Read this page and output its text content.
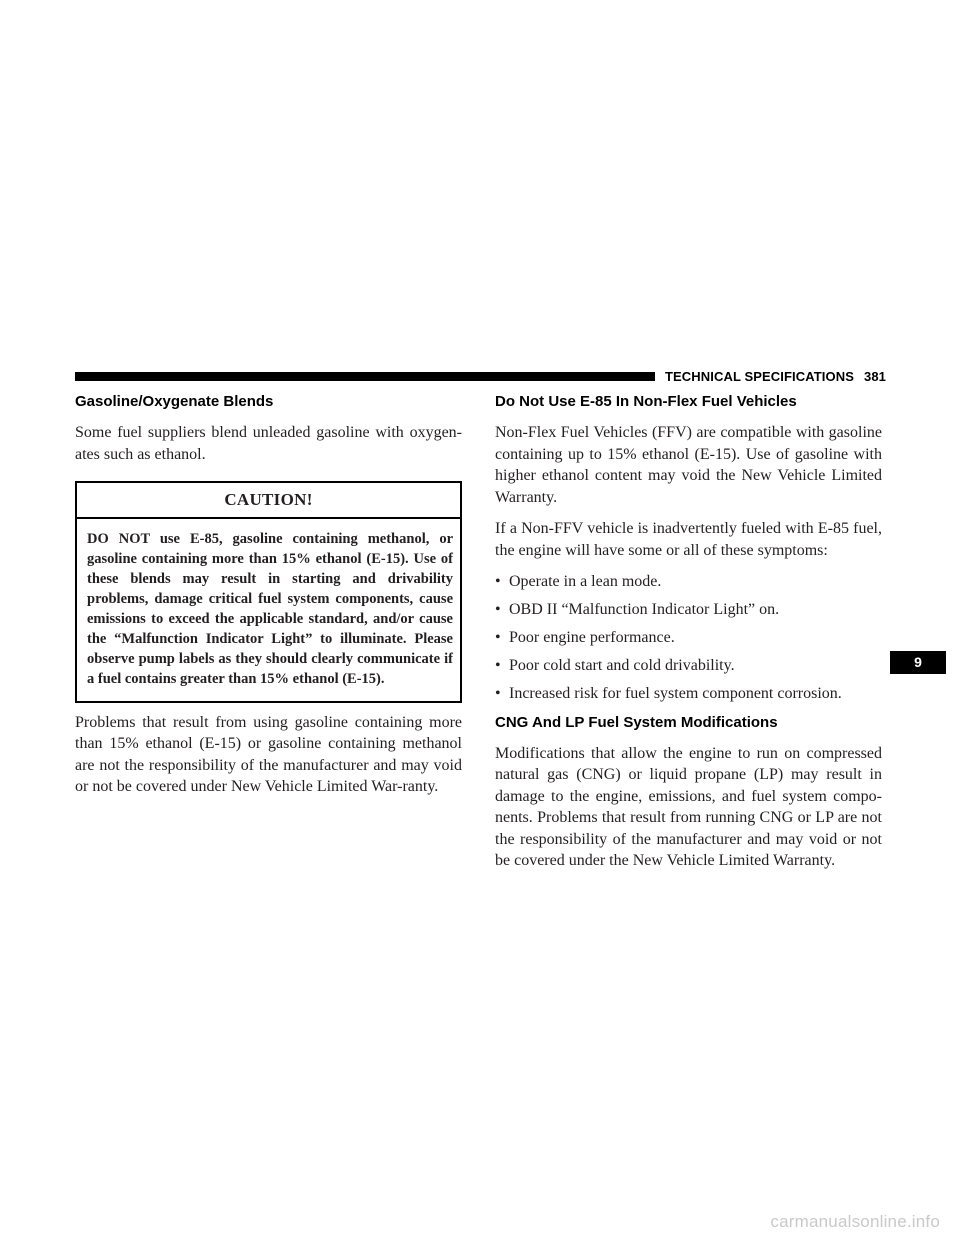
TECHNICAL SPECIFICATIONS 381
Gasoline/Oxygenate Blends

Some fuel suppliers blend unleaded gasoline with oxygen-ates such as ethanol.

CAUTION!
DO NOT use E-85, gasoline containing methanol, or gasoline containing more than 15% ethanol (E-15). Use of these blends may result in starting and drivability problems, damage critical fuel system components, cause emissions to exceed the applicable standard, and/or cause the “Malfunction Indicator Light” to illuminate. Please observe pump labels as they should clearly communicate if a fuel contains greater than 15% ethanol (E-15).

Problems that result from using gasoline containing more than 15% ethanol (E-15) or gasoline containing methanol are not the responsibility of the manufacturer and may void or not be covered under New Vehicle Limited War-ranty.

Do Not Use E-85 In Non-Flex Fuel Vehicles

Non-Flex Fuel Vehicles (FFV) are compatible with gasoline containing up to 15% ethanol (E-15). Use of gasoline with higher ethanol content may void the New Vehicle Limited Warranty.

If a Non-FFV vehicle is inadvertently fueled with E-85 fuel, the engine will have some or all of these symptoms:

• Operate in a lean mode.
• OBD II “Malfunction Indicator Light” on.
• Poor engine performance.
• Poor cold start and cold drivability.
• Increased risk for fuel system component corrosion.
CNG And LP Fuel System Modifications

Modifications that allow the engine to run on compressed natural gas (CNG) or liquid propane (LP) may result in damage to the engine, emissions, and fuel system compo-nents. Problems that result from running CNG or LP are not the responsibility of the manufacturer and may void or not be covered under the New Vehicle Limited Warranty.

9
carmanualsonline.info
